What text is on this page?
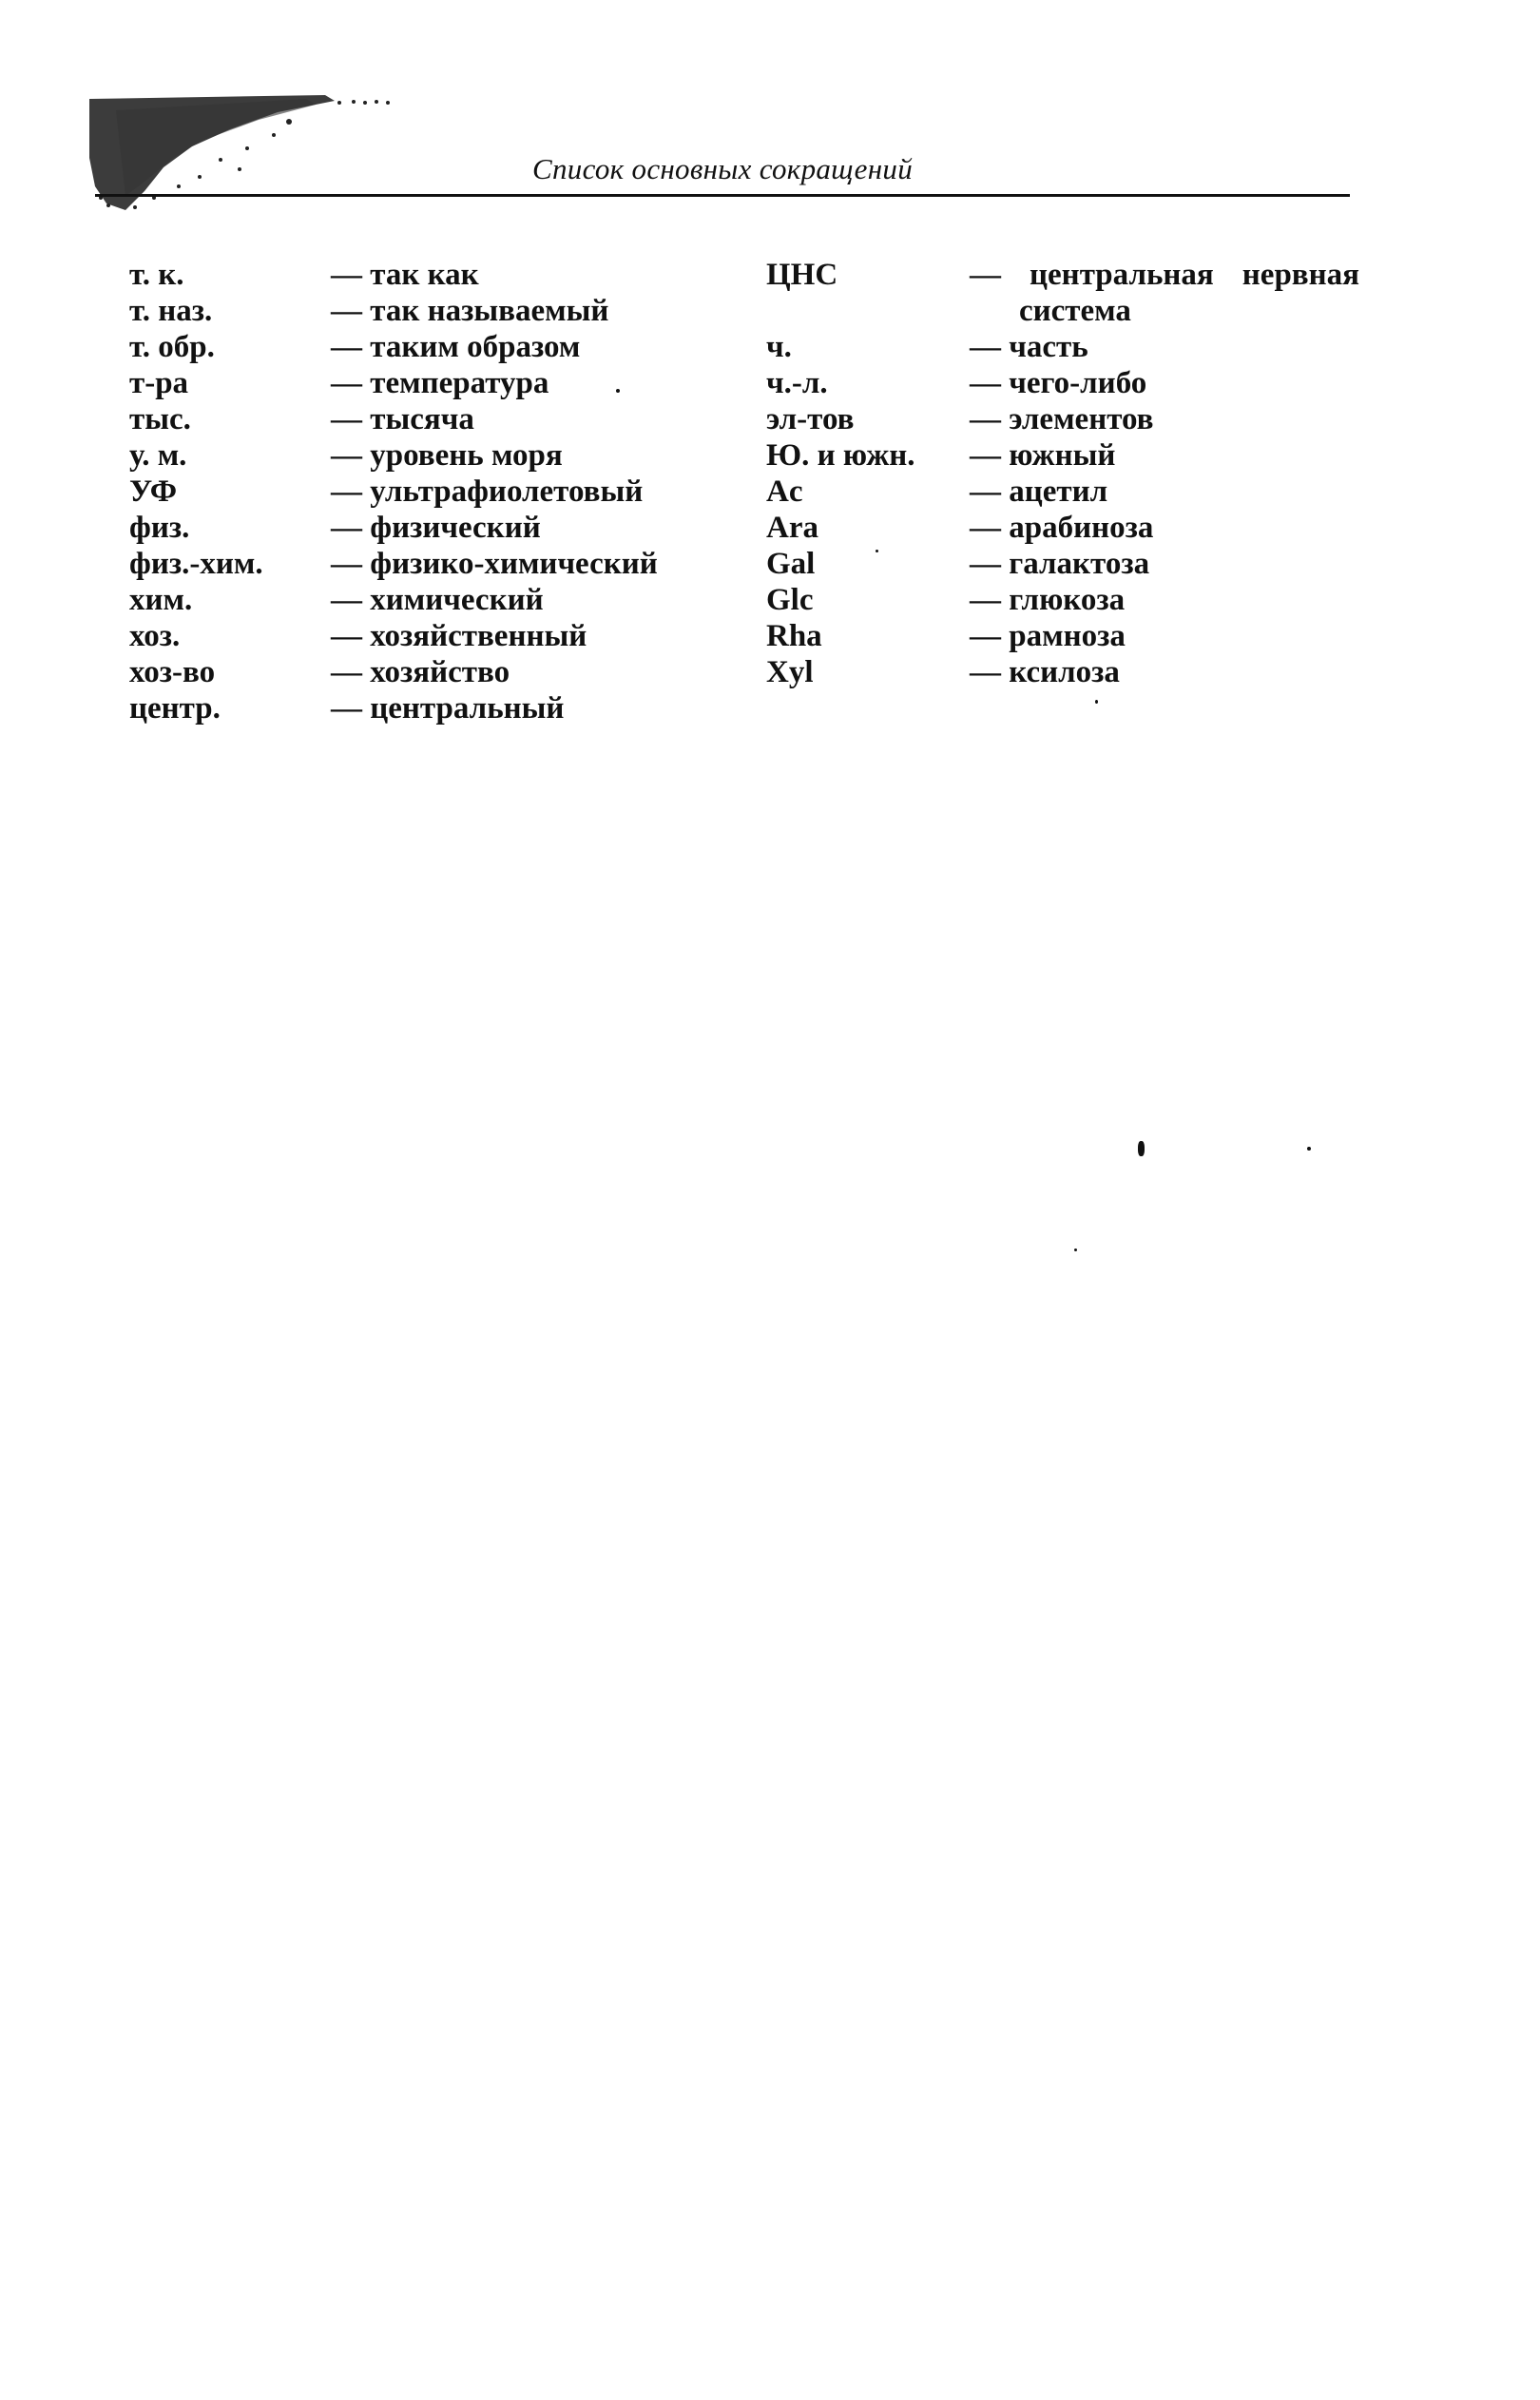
Список основных сокращений
т. к.	— так как
т. наз.	— так называемый
т. обр.	— таким образом
т-ра	— температура
тыс.	— тысяча
у. м.	— уровень моря
УФ	— ультрафиолетовый
физ.	— физический
физ.-хим. — физико-химический
хим.	— химический
хоз.	— хозяйственный
хоз-во	— хозяйство
центр.	— центральный
ЦНС	— центральная нервная
система
ч.	— часть
ч.-л.	— чего-либо
эл-тов	— элементов
Ю. и южн. — южный
Ac	— ацетил
Ara	— арабиноза
Gal	— галактоза
Glc	— глюкоза
Rha	— рамноза
Xyl	— ксилоза
